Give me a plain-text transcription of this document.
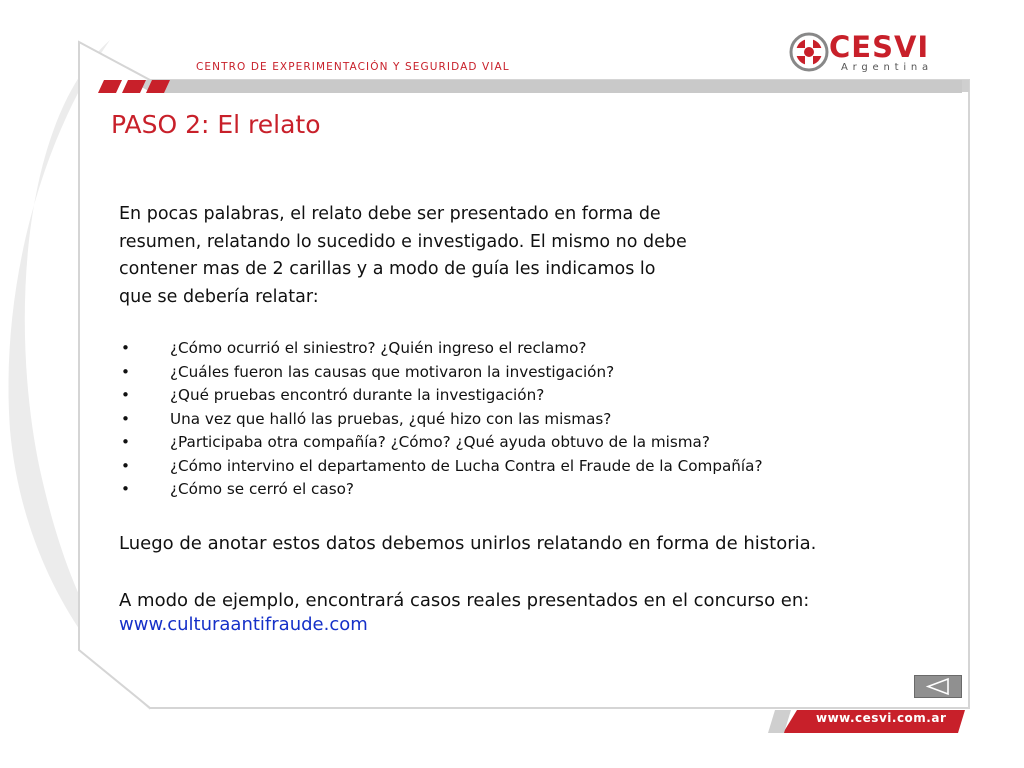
CENTRO DE EXPERIMENTACIÓN Y SEGURIDAD VIAL
CESVI
Argentina
PASO 2: El relato

En pocas palabras, el relato debe ser presentado en forma de
resumen, relatando lo sucedido e investigado. El mismo no debe
contener mas de 2 carillas y a modo de guía les indicamos lo
que se debería relatar:

•	¿Cómo ocurrió el siniestro? ¿Quién ingreso el reclamo?
•	¿Cuáles fueron las causas que motivaron la investigación?
•	¿Qué pruebas encontró durante la investigación?
•	Una vez que halló las pruebas, ¿qué hizo con las mismas?
•	¿Participaba otra compañía? ¿Cómo? ¿Qué ayuda obtuvo de la misma?
•	¿Cómo intervino el departamento de Lucha Contra el Fraude de la Compañía?
•	¿Cómo se cerró el caso?

Luego de anotar estos datos debemos unirlos relatando en forma de historia.

A modo de ejemplo, encontrará casos reales presentados en el concurso en:

www.culturaantifraude.com
www.cesvi.com.ar
